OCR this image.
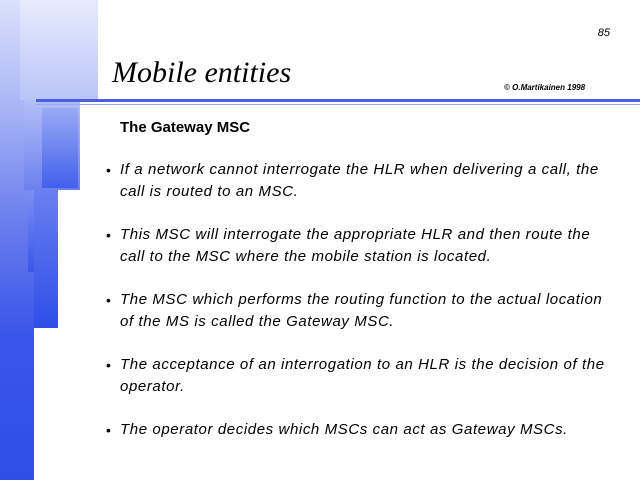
85
Mobile entities	© O.Martikainen 1998
The Gateway MSC
• If a network cannot interrogate the HLR when delivering a call, the call is routed to an MSC.
• This MSC will interrogate the appropriate HLR and then route the call to the MSC where the mobile station is located.
• The MSC which performs the routing function to the actual location of the MS is called the Gateway MSC.
• The acceptance of an interrogation to an HLR is the decision of the operator.
• The operator decides which MSCs can act as Gateway MSCs.
